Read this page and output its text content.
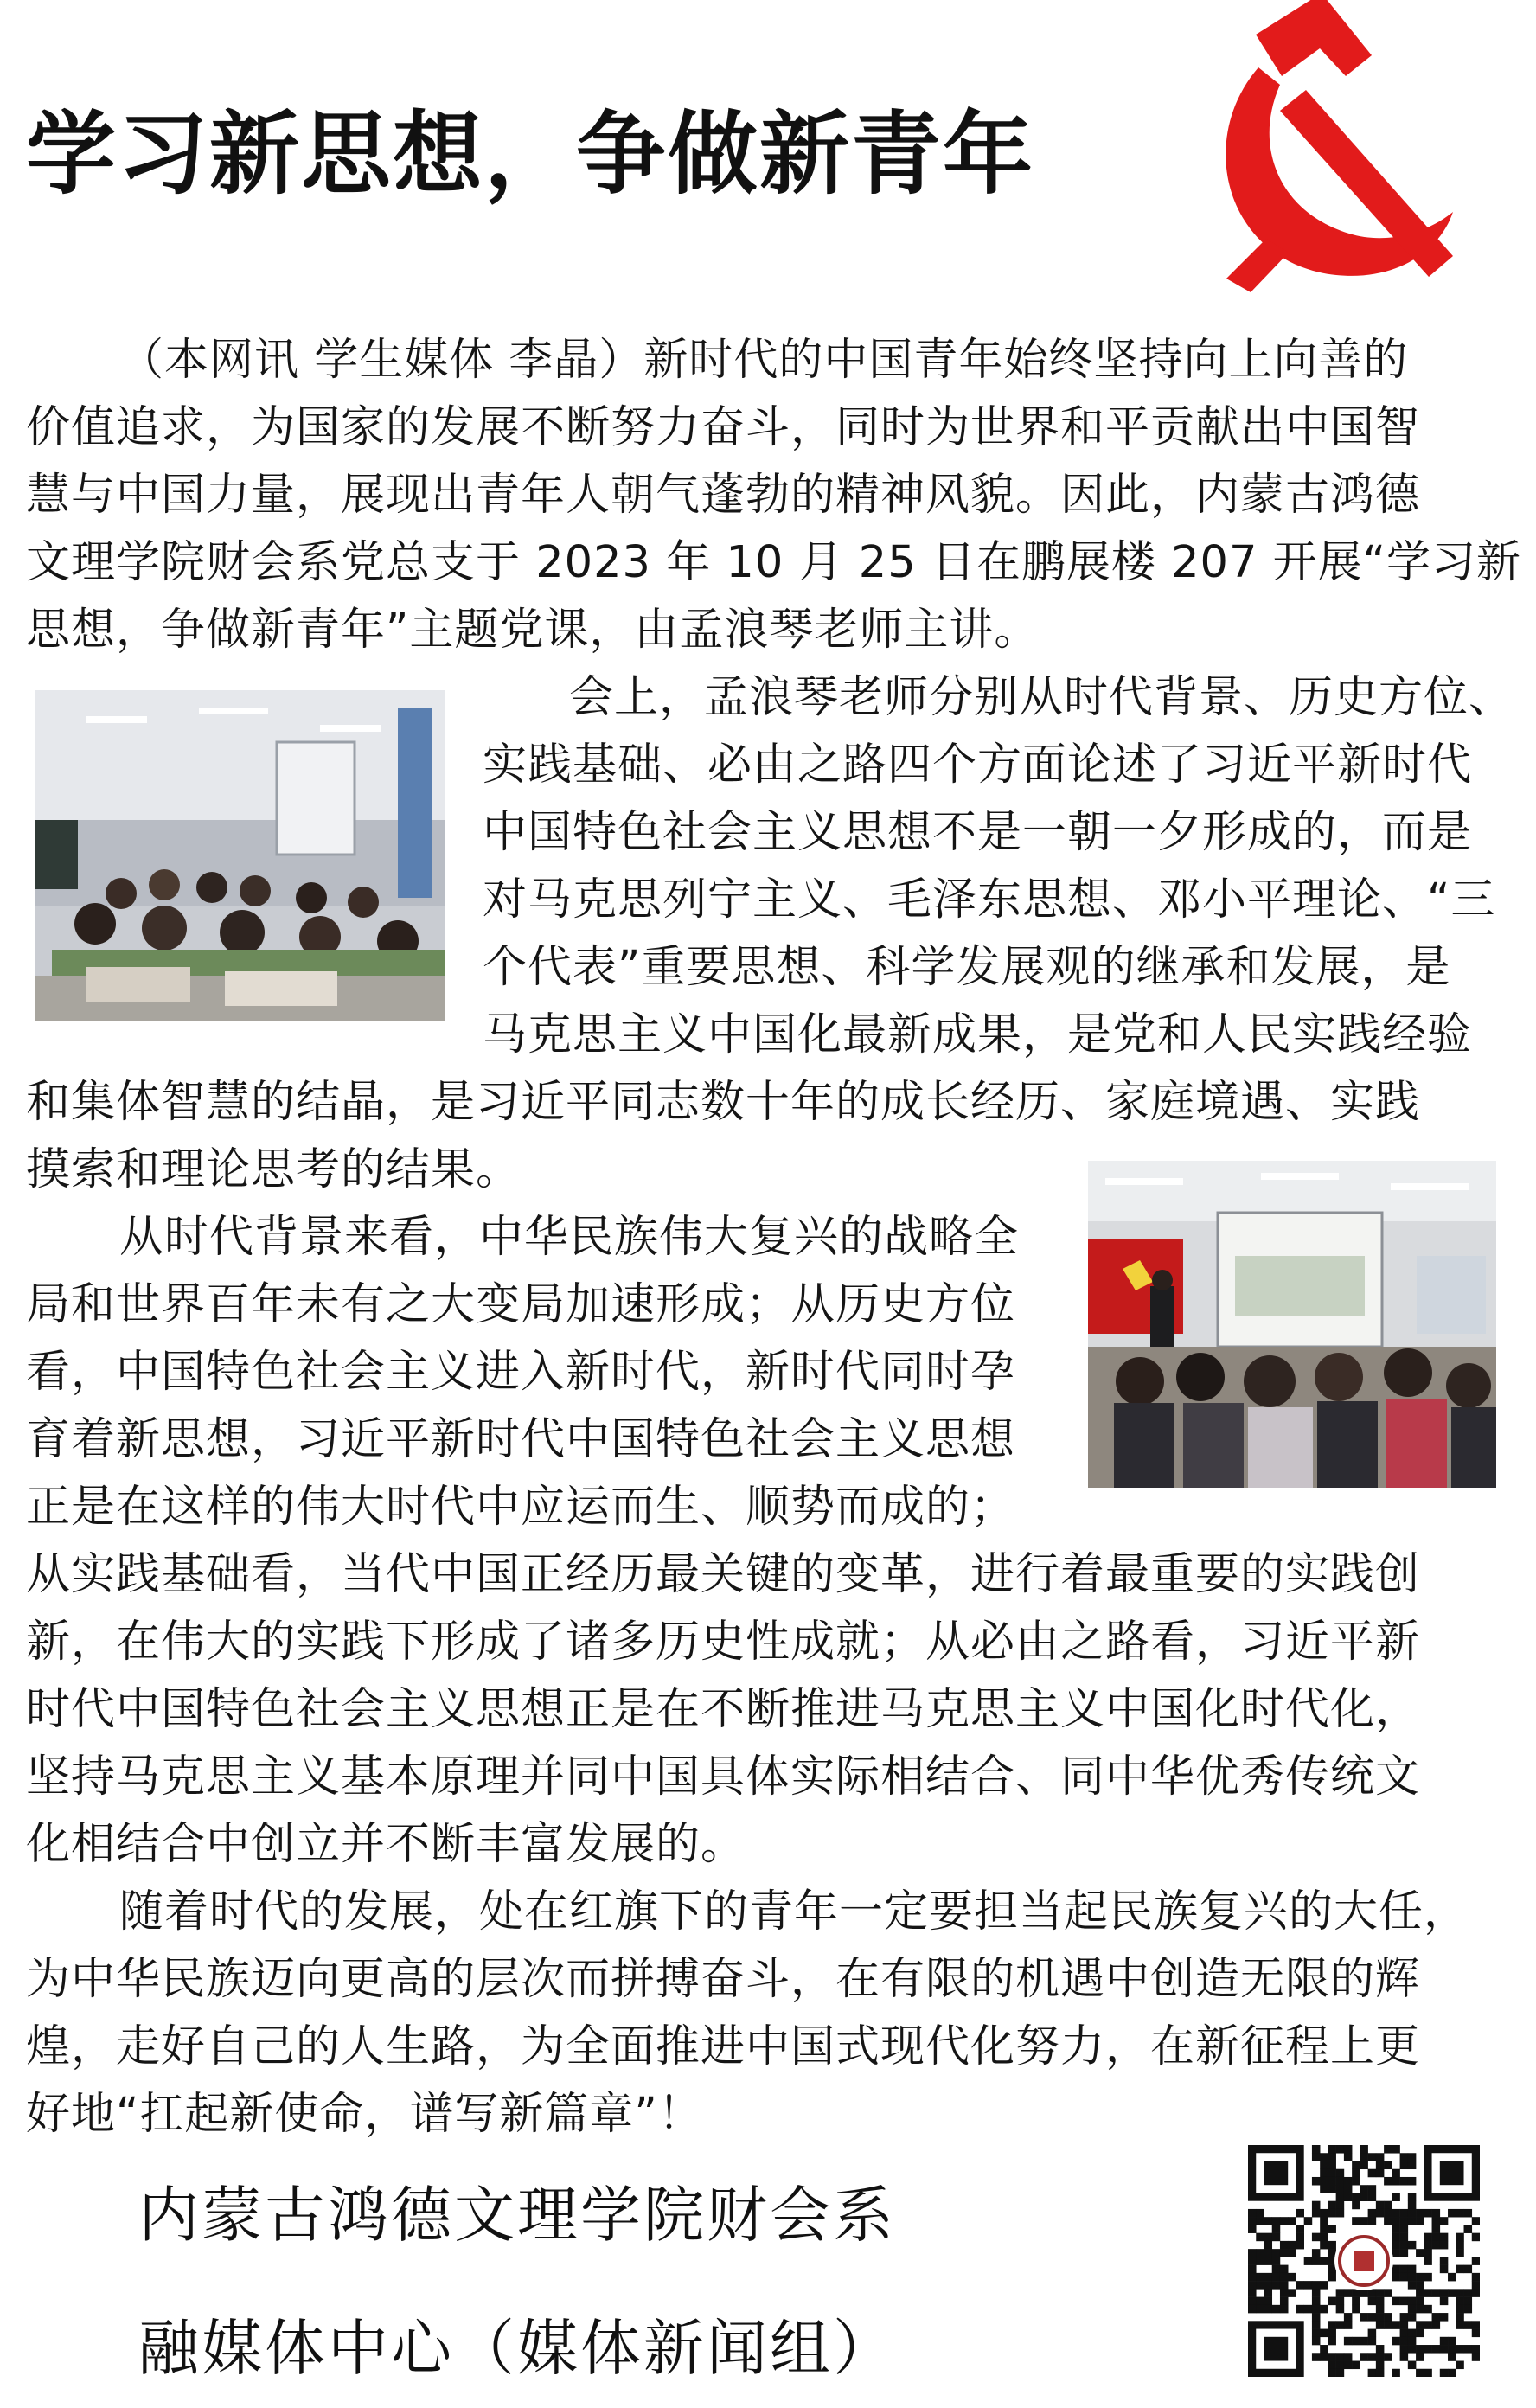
学习新思想，争做新青年
（本网讯 学生媒体 李晶）新时代的中国青年始终坚持向上向善的
价值追求，为国家的发展不断努力奋斗，同时为世界和平贡献出中国智
慧与中国力量，展现出青年人朝气蓬勃的精神风貌。因此，内蒙古鸿德
文理学院财会系党总支于 2023 年 10 月 25 日在鹏展楼 207 开展“学习新
思想，争做新青年”主题党课，由孟浪琴老师主讲。
会上，孟浪琴老师分别从时代背景、历史方位、
实践基础、必由之路四个方面论述了习近平新时代
中国特色社会主义思想不是一朝一夕形成的，而是
对马克思列宁主义、毛泽东思想、邓小平理论、“三
个代表”重要思想、科学发展观的继承和发展，是
马克思主义中国化最新成果，是党和人民实践经验
和集体智慧的结晶，是习近平同志数十年的成长经历、家庭境遇、实践
摸索和理论思考的结果。
从时代背景来看，中华民族伟大复兴的战略全
局和世界百年未有之大变局加速形成；从历史方位
看，中国特色社会主义进入新时代，新时代同时孕
育着新思想，习近平新时代中国特色社会主义思想
正是在这样的伟大时代中应运而生、顺势而成的；
从实践基础看，当代中国正经历最关键的变革，进行着最重要的实践创
新，在伟大的实践下形成了诸多历史性成就；从必由之路看，习近平新
时代中国特色社会主义思想正是在不断推进马克思主义中国化时代化，
坚持马克思主义基本原理并同中国具体实际相结合、同中华优秀传统文
化相结合中创立并不断丰富发展的。
随着时代的发展，处在红旗下的青年一定要担当起民族复兴的大任，
为中华民族迈向更高的层次而拼搏奋斗，在有限的机遇中创造无限的辉
煌，走好自己的人生路，为全面推进中国式现代化努力，在新征程上更
好地“扛起新使命，谱写新篇章”！
内蒙古鸿德文理学院财会系
融媒体中心（媒体新闻组）
